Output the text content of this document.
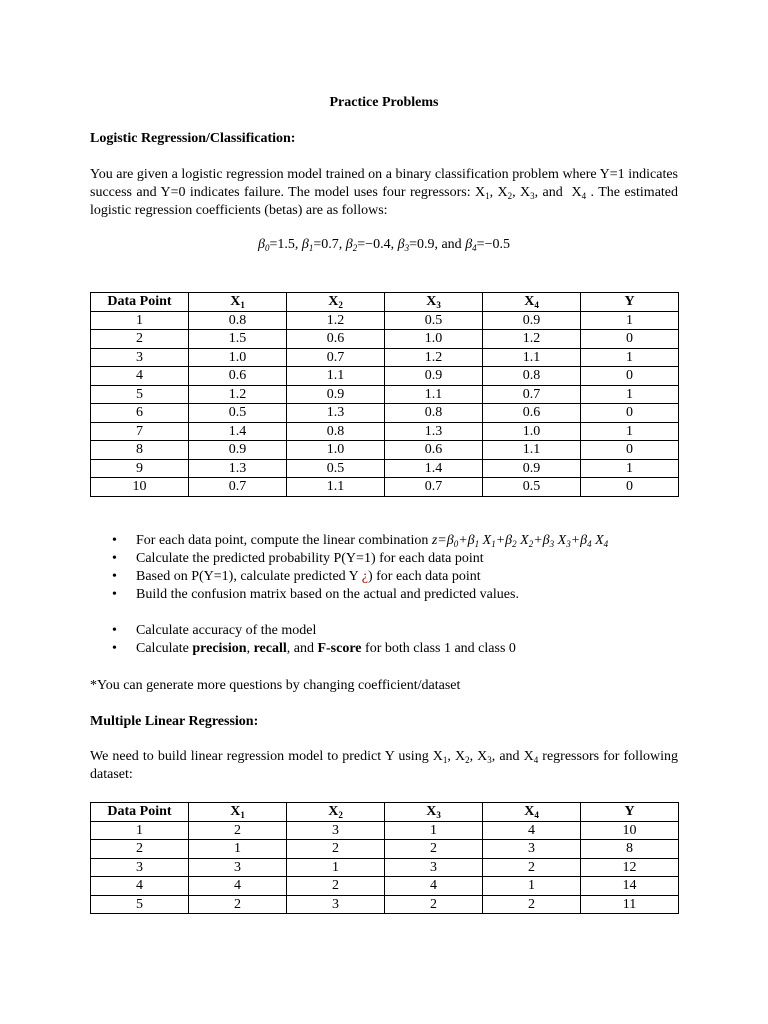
Practice Problems
Logistic Regression/Classification:
You are given a logistic regression model trained on a binary classification problem where Y=1 indicates success and Y=0 indicates failure. The model uses four regressors: $X_1$, $X_2$, $X_3$, and  $X_4$ . The estimated logistic regression coefficients (betas) are as follows:
$\beta_0=1.5$, $\beta_1=0.7$, $\beta_2=-0.4$, $\beta_3=0.9$, and $\beta_4=-0.5$
Data Point	$X_1$	$X_2$	$X_3$	$X_4$	Y
1	0.8	1.2	0.5	0.9	1
2	1.5	0.6	1.0	1.2	0
3	1.0	0.7	1.2	1.1	1
4	0.6	1.1	0.9	0.8	0
5	1.2	0.9	1.1	0.7	1
6	0.5	1.3	0.8	0.6	0
7	1.4	0.8	1.3	1.0	1
8	0.9	1.0	0.6	1.1	0
9	1.3	0.5	1.4	0.9	1
10	0.7	1.1	0.7	0.5	0
• For each data point, compute the linear combination $z=\beta_0+\beta_1$ $X_1+\beta_2$ $X_2+\beta_3$ $X_3+\beta_4$ $X_4$
• Calculate the predicted probability P(Y=1) for each data point
• Based on P(Y=1), calculate predicted Y ¿) for each data point
• Build the confusion matrix based on the actual and predicted values.
• Calculate accuracy of the model
• Calculate precision, recall, and F-score for both class 1 and class 0
*You can generate more questions by changing coefficient/dataset
Multiple Linear Regression:
We need to build linear regression model to predict Y using $X_1$, $X_2$, $X_3$, and $X_4$ regressors for following dataset:
Data Point	$X_1$	$X_2$	$X_3$	$X_4$	Y
1	2	3	1	4	10
2	1	2	2	3	8
3	3	1	3	2	12
4	4	2	4	1	14
5	2	3	2	2	11
